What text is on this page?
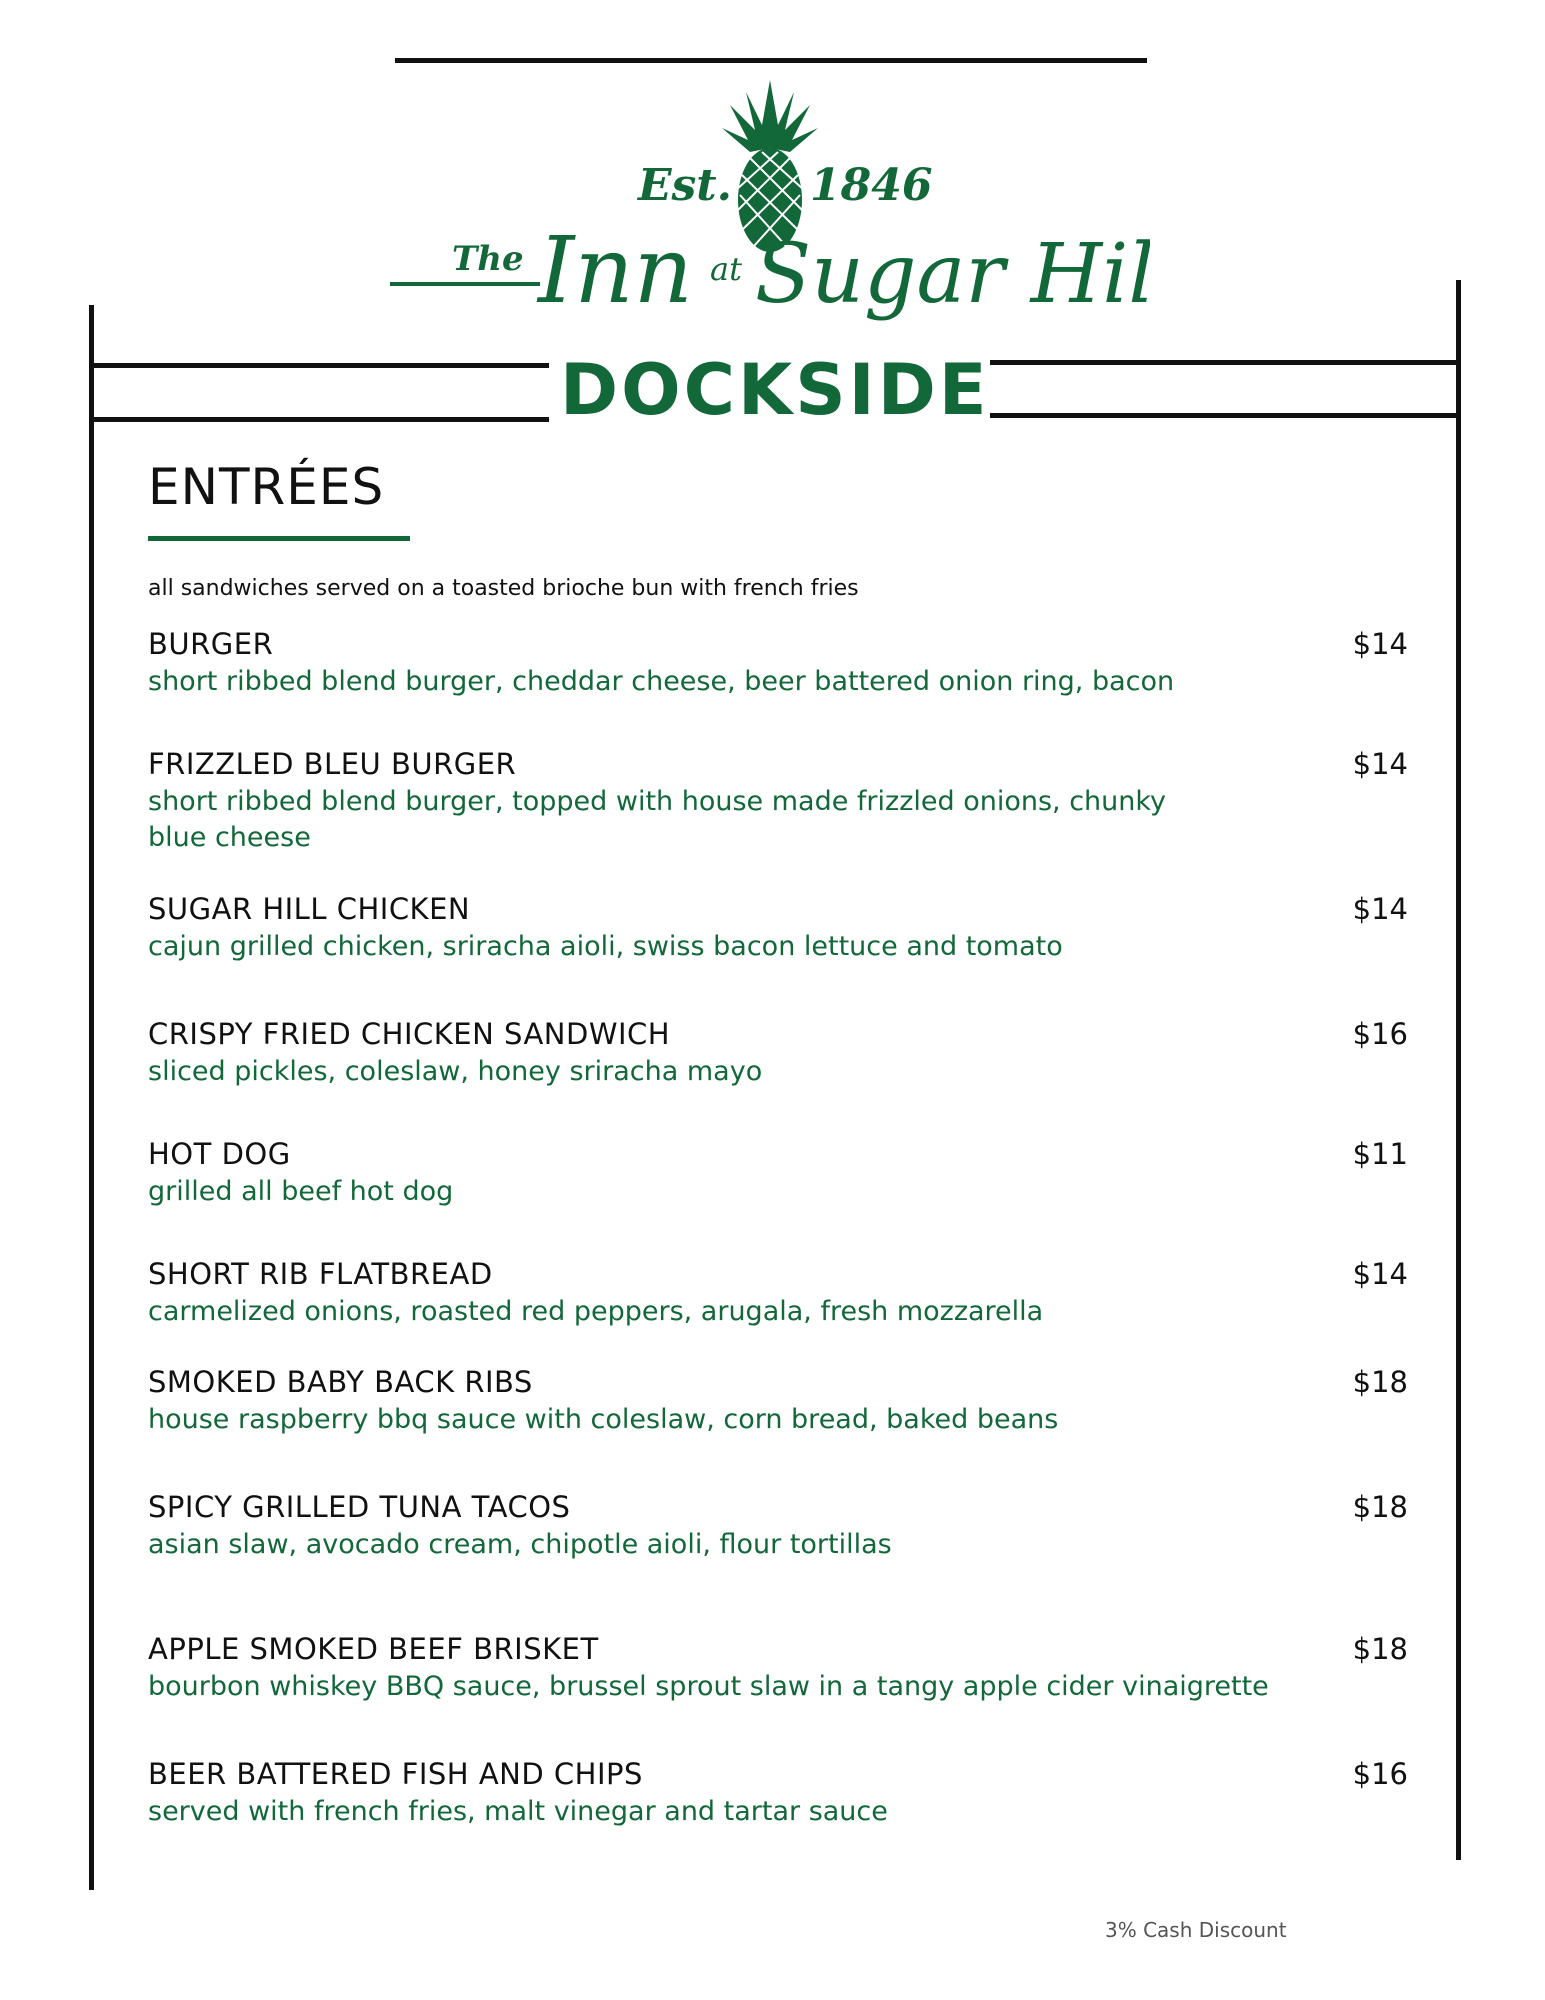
Est. 1846
The Inn at Sugar Hill
DOCKSIDE
ENTRÉES
all sandwiches served on a toasted brioche bun with french fries
BURGER	$14
short ribbed blend burger, cheddar cheese, beer battered onion ring, bacon
FRIZZLED BLEU BURGER	$14
short ribbed blend burger, topped with house made frizzled onions, chunky blue cheese
SUGAR HILL CHICKEN	$14
cajun grilled chicken, sriracha aioli, swiss bacon lettuce and tomato
CRISPY FRIED CHICKEN SANDWICH	$16
sliced pickles, coleslaw, honey sriracha mayo
HOT DOG	$11
grilled all beef hot dog
SHORT RIB FLATBREAD	$14
carmelized onions, roasted red peppers, arugala, fresh mozzarella
SMOKED BABY BACK RIBS	$18
house raspberry bbq sauce with coleslaw, corn bread, baked beans
SPICY GRILLED TUNA TACOS	$18
asian slaw, avocado cream, chipotle aioli, flour tortillas
APPLE SMOKED BEEF BRISKET	$18
bourbon whiskey BBQ sauce, brussel sprout slaw in a tangy apple cider vinaigrette
BEER BATTERED FISH AND CHIPS	$16
served with french fries, malt vinegar and tartar sauce
3% Cash Discount
